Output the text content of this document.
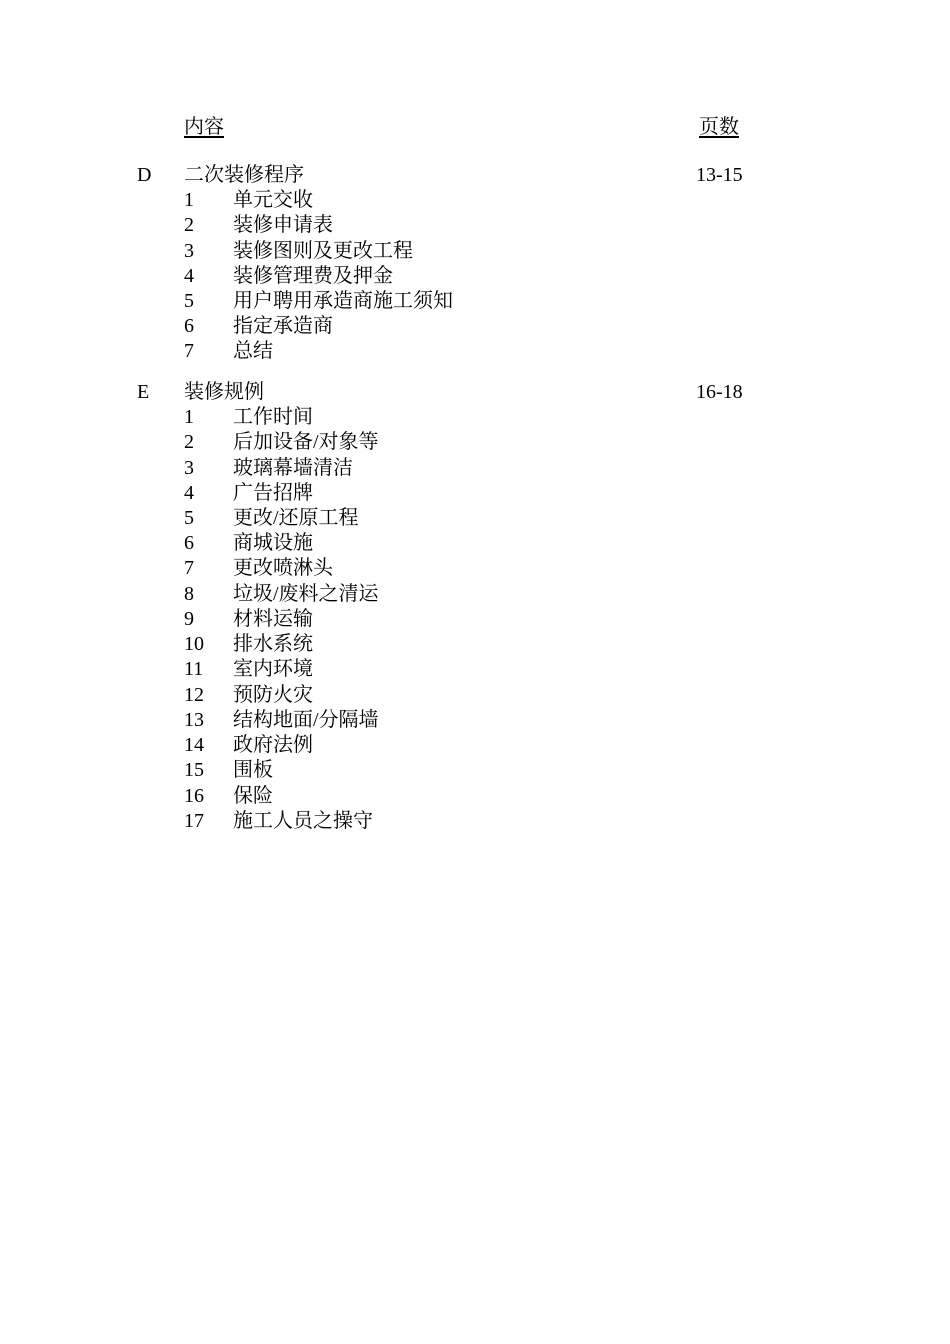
内容	页数
D 二次装修程序	13-15
1 单元交收
2 装修申请表
3 装修图则及更改工程
4 装修管理费及押金
5 用户聘用承造商施工须知
6 指定承造商
7 总结
E 装修规例	16-18
1 工作时间
2 后加设备/对象等
3 玻璃幕墙清洁
4 广告招牌
5 更改/还原工程
6 商城设施
7 更改喷淋头
8 垃圾/废料之清运
9 材料运输
10 排水系统
11 室内环境
12 预防火灾
13 结构地面/分隔墙
14 政府法例
15 围板
16 保险
17 施工人员之操守
